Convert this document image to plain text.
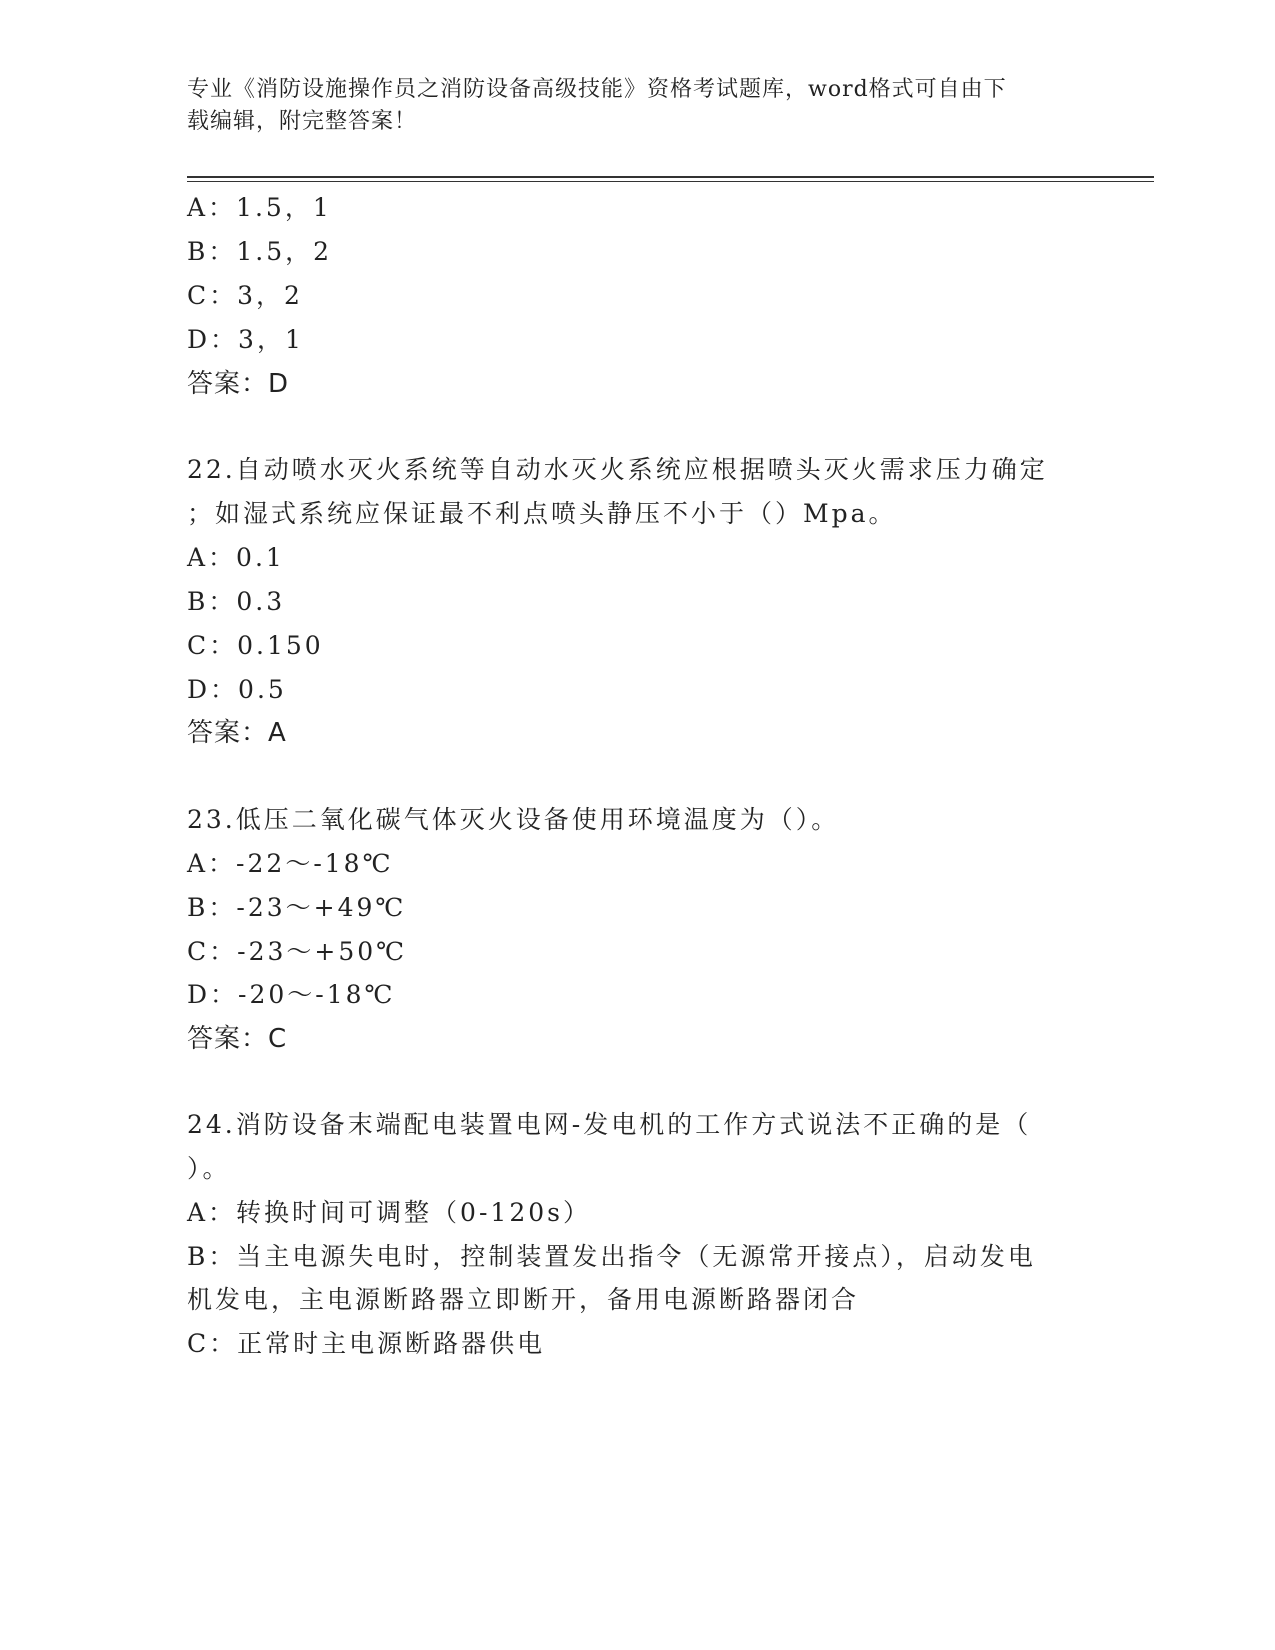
专业《消防设施操作员之消防设备高级技能》资格考试题库，word格式可自由下
载编辑，附完整答案！
A：1.5，1
B：1.5，2
C：3，2
D：3，1
答案：D
22.自动喷水灭火系统等自动水灭火系统应根据喷头灭火需求压力确定
；如湿式系统应保证最不利点喷头静压不小于（）Mpa。
A：0.1
B：0.3
C：0.150
D：0.5
答案：A
23.低压二氧化碳气体灭火设备使用环境温度为（）。
A：-22～-18℃
B：-23～+49℃
C：-23～+50℃
D：-20～-18℃
答案：C
24.消防设备末端配电装置电网-发电机的工作方式说法不正确的是（
）。
A：转换时间可调整（0-120s）
B：当主电源失电时，控制装置发出指令（无源常开接点），启动发电
机发电，主电源断路器立即断开，备用电源断路器闭合
C：正常时主电源断路器供电
